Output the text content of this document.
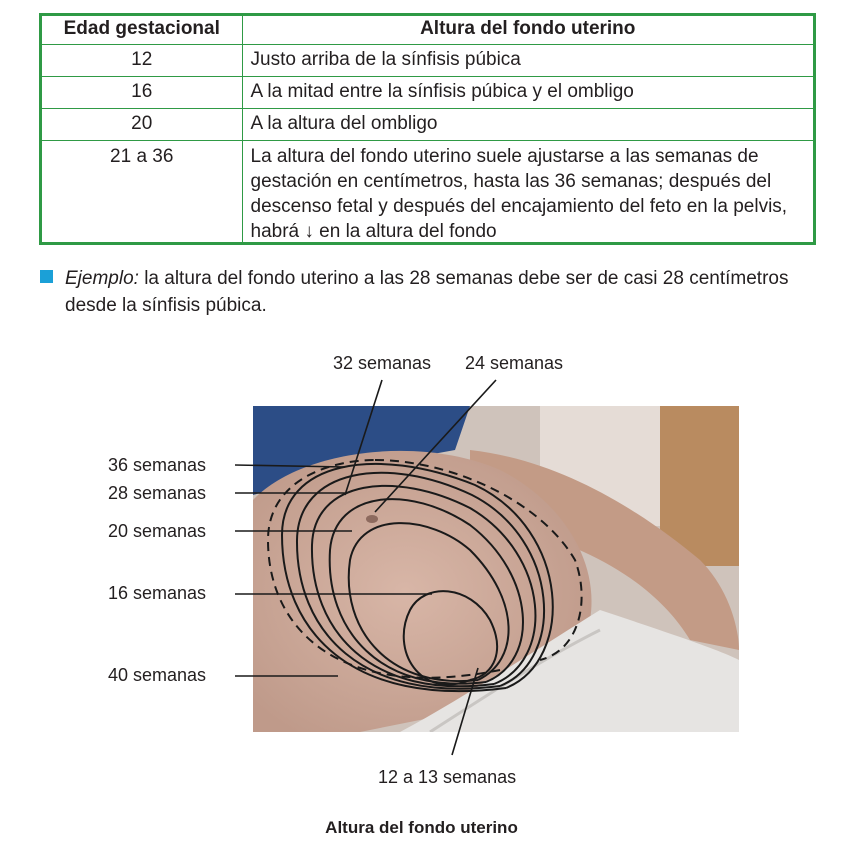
Edad gestacional	Altura del fondo uterino
12	Justo arriba de la sínfisis púbica
16	A la mitad entre la sínfisis púbica y el ombligo
20	A la altura del ombligo
21 a 36	La altura del fondo uterino suele ajustarse a las semanas de
gestación en centímetros, hasta las 36 semanas; después del
descenso fetal y después del encajamiento del feto en la pelvis,
habrá ↓ en la altura del fondo
Ejemplo: la altura del fondo uterino a las 28 semanas debe ser de casi 28 centímetros
desde la sínfisis púbica.
32 semanas 24 semanas
36 semanas
28 semanas
20 semanas
16 semanas
40 semanas
12 a 13 semanas
Altura del fondo uterino
